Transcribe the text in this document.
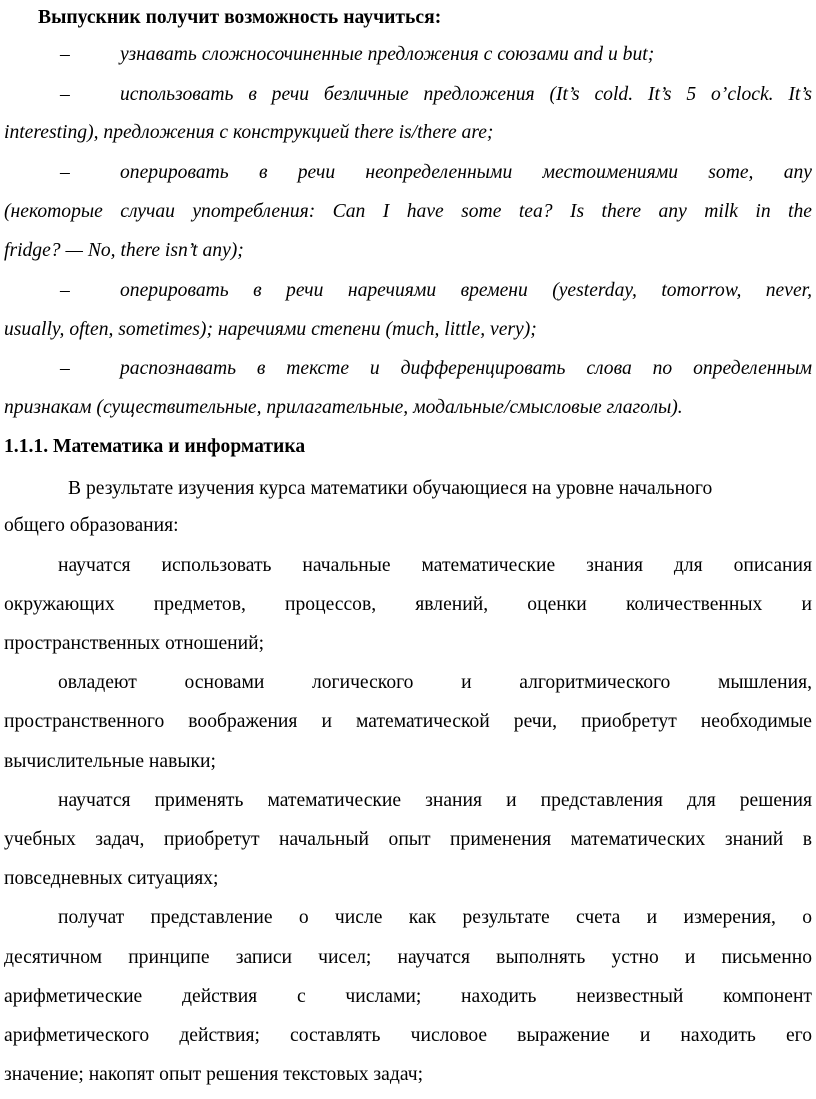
Выпускник получит возможность научиться:
–	узнавать сложносочиненные предложения с союзами and и but;
–	использовать в речи безличные предложения (It’s cold. It’s 5 o’clock. It’s
interesting), предложения с конструкцией there is/there are;
–	оперировать в речи неопределенными местоимениями some, any
(некоторые случаи употребления: Can I have some tea? Is there any milk in the
fridge? — No, there isn’t any);
–	оперировать в речи наречиями времени (yesterday, tomorrow, never,
usually, often, sometimes); наречиями степени (much, little, very);
–	распознавать в тексте и дифференцировать слова по определенным
признакам (существительные, прилагательные, модальные/смысловые глаголы).
1.1.1. Математика и информатика
В результате изучения курса математики обучающиеся на уровне начального
общего образования:
научатся использовать начальные математические знания для описания
окружающих предметов, процессов, явлений, оценки количественных и
пространственных отношений;
овладеют основами логического и алгоритмического мышления,
пространственного воображения и математической речи, приобретут необходимые
вычислительные навыки;
научатся применять математические знания и представления для решения
учебных задач, приобретут начальный опыт применения математических знаний в
повседневных ситуациях;
получат представление о числе как результате счета и измерения, о
десятичном принципе записи чисел; научатся выполнять устно и письменно
арифметические действия с числами; находить неизвестный компонент
арифметического действия; составлять числовое выражение и находить его
значение; накопят опыт решения текстовых задач;
